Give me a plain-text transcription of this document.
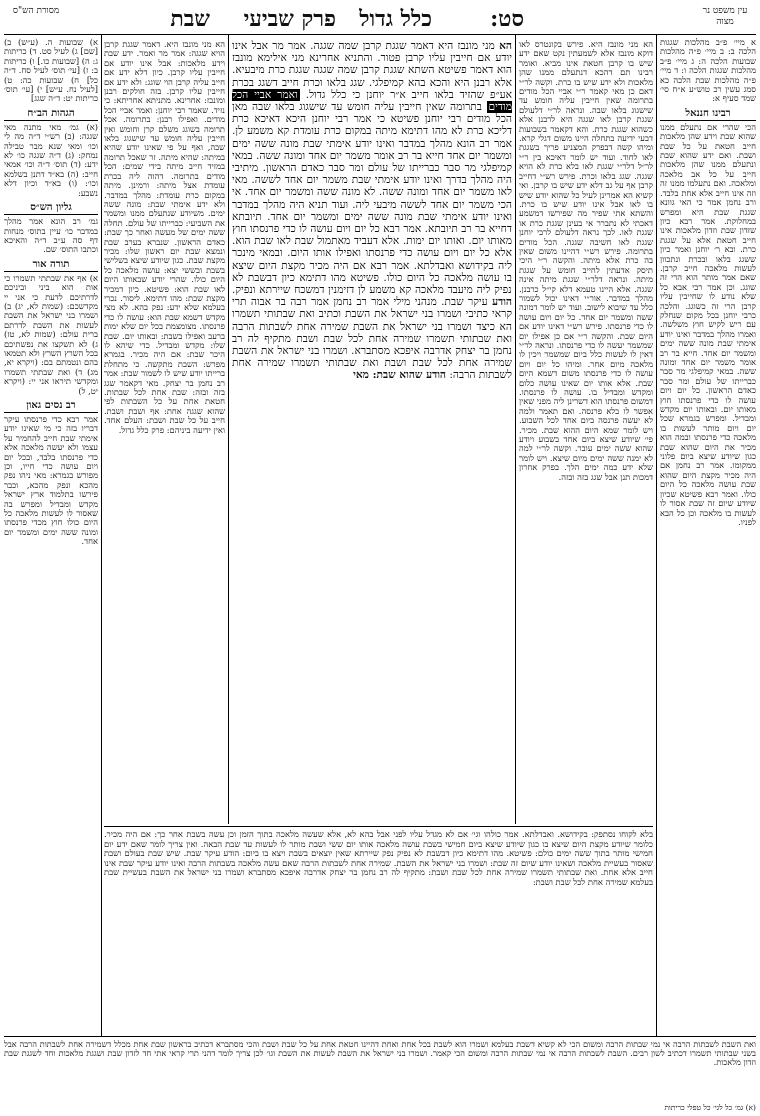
עין משפט נר מצוה
סט:
כלל גדול
פרק שביעי
שבת
מסורת הש"ס

א מיי׳ פ״ב מהלכות שגגות הלכה ב: ב מיי׳ פ״ה מהלכות שבועות הלכה ה: ג מיי׳ פ״ב מהלכות שגגות הלכה ו: ד מיי׳ פ״ה מהלכות שבת הלכה כא סמג עשין רכ טוש״ע א״ח סי׳ שמד סעיף א:

רבינו חננאל

הכי שהרי אם נתעלם ממנו שהוא שבת וידע שהן מלאכות חייב חטאת על כל שבת ושבת. ואם ידע שהוא שבת ונתעלם ממנו שהן מלאכות חייב על כל אב מלאכה ומלאכה. ואם נתעלמו ממנו זה וזה אינו חייב אלא אחת בלבד. ורב נחמן אמר כי האי גוונא שגגת שבת היא ומפרש במחלוקת. אמר רבא כיון שזדון שבת וזדון מלאכות אינו חייב חטאת אלא על שגגת כרת. ובא ר׳ יוחנן ואמר כיון ששגג בלאו ובכרת ונתכוון לעשות מלאכה חייב קרבן. שאם אמר מותר הוא הרי זה שוגג. וכן אמר רבי אבא כל שלא נודע לו שחייבין עליו קרבן הרי זה כשוגג. והלכה כרבי יוחנן בכל מקום שנחלק עם ריש לקיש חוץ משלשה. ואמרו מהלך במדבר ואינו יודע אימתי שבת מונה ששה ימים ומשמר יום אחד. חייא בר רב אומר משמר יום אחד ומונה ששה. במאי קמיפלגי מר סבר כברייתו של עולם ומר סבר כאדם הראשון. כל יום ויום עושה לו כדי פרנסתו חוץ מאותו יום. ובאותו יום מקדש ומבדיל. ומפרש בגמרא שכל יום ויום מותר לעשות בו מלאכה כדי פרנסתו ובמה הוא מכיר את היום שהוא שבת כגון שיודע שיצא ביום פלוני ממקומו. אמר רב נחמן אם היה מכיר מקצת היום שהוא שבת עושה מלאכה כל היום כולו. ואמר רבא פשיטא שכיון שיודע שיום זה שבת אסור לו לעשות בו מלאכה וכן כל הבא לפניו.

א) שבועות ה. (ע״ש) ב) [שם] ג) לעיל סט. ד) כריתות ג: ה) [שבועות כו.] ו) כריתות ב: ז) [עי׳ תוס׳ לעיל סח. ד״ה כל] ח) שבועות כה: ט) [לעיל נח. ע״ש] י) [עי׳ תוס׳ כריתות יט: ד״ה שגג]

הגהות הב״ח

(א) גמ׳ מאי מתנה מאי שגגה: (ב) רש״י ד״ה מה לי וכו׳ ומאי שנא מבר טבילה נמחק: (ג) ד״ה שגגה כו׳ לא ידע: (ד) תוס׳ ד״ה וכו׳ אמאי חייב: (ה) בא״ד דתנן בשלמא וכו׳: (ו) בא״ד וכיון דלא נשבע:

גליון הש״ס

גמ׳ רב הונא אמר מהלך במדבר כו׳ עיין בתוס׳ מנחות דף סה ע״ב ד״ה והאיכא וכתבו התוס׳ שם.

תורה אור

א) אף את שבתתי תשמרו כי אות הוא ביני וביניכם לדרתיכם לדעת כי אני יי מקדשכם: (שמות לא, יג) ב) ושמרו בני ישראל את השבת לעשות את השבת לדרתם ברית עולם: (שמות לא, טז) ג) לא תשקצו את נפשתיכם בכל השרץ השרץ ולא תטמאו בהם ונטמתם בם: (ויקרא יא, מג) ד) ואת שבתתי תשמרו ומקדשי תיראו אני יי: (ויקרא יט, ל)

רב נסים גאון

אמר רבא כדי פרנסתו עיקר דבריו בזה כי מי שאינו יודע אימתי שבת חייב להחמיר על עצמו ולא יעשה מלאכה אלא כדי פרנסתו בלבד, ובכל יום ויום עושה כדי חייו, וכן מפורש בגמרא: מאי ניהו נפק מהכא ונפק מהכא, וכבר פירשו בתלמוד ארץ ישראל מקדש ומבדיל ומפרש בה שאסור לו לעשות מלאכה כל היום כולו חוץ מכדי פרנסתו ומונה ששה ימים ומשמר יום אחד.

הא מני מונבז היא. פירש בקונטרס לאו דוקא מונבז אלא לשמעתין נקט שאם ידע שיש בו קרבן חטאת אינו מביא. ואומר רבינו תם דהכא דנתעלם ממנו שהן מלאכות ולא ידע שיש בו כרת. וקשה לר״י דאם כן מאי קאמר ר״י אביי הכל מודים בתרומה שאין חייבין עליה חומש עד שישגוג בלאו שבה. ונראה לר״י דלעולם שגגת קרבן לאו שגגה היא לרבנן אלא כשהוא שגגת כרת. והא דקאמר בשבועות דבעי ידיעה בתחלה היינו משום דגלי קרא. ומיהו קשה דבפרק המצניע פריך בשגגת לאו לחוד. ועוד יש לומר דאיכא בין ר״י לר״ל דלר״י שגגת לאו בלא כרת לא הויא שגגה. שגג בלאו וכרת. פירש רש״י דחייב קרבן אף על גב דלא ידע שיש בו קרבן. ואי קשיא הא אמרינן לעיל כל שהוא יודע שיש בו לאו אבל אינו יודע שיש בו כרת. והשתא אתי שפיר מה שפירשו דמשמע דאכתי לא נתברר אי בעינן שגגת כרת או שגגת לאו. לכך נראה דלעולם לרבי יוחנן שגגת לאו חשיבה שגגה. הכל מודים בתרומה. פירש רש״י דהיינו משום שאין בה כרת אלא מיתה. והקשה ר״י היכי תיסק אדעתין לחייב חומש על שגגת מיתה. ונראה דלר״י שגגת מיתה אינה שגגה. אלא היינו טעמא דלא קי״ל כרבנן. מהלך במדבר. אור״י דאינו יכול לשמור כלל עד שיבוא לישוב. ועוד יש לומר דמונה ששה ומשמר יום אחד. כל יום ויום עושה לו כדי פרנסתו. פירש רש״י דאינו יודע אם היום שבת. והקשה ר״י אם כן אפילו יום שמשמר יעשה לו כדי פרנסתו. ונראה לר״י דאין לו לעשות כלל ביום שמשמר ויכין לו מלאכה מיום אחר. ומיהו כל יום ויום עושה לו כדי פרנסתו משום דשמא היום שבת. אלא אותו יום שאינו עושה כלום ומקדש ומבדיל בו. עושה לו פרנסתו. דמשום פרנסתו הוא דשרינן ליה מפני שאין אפשר לו בלא פרנסה. ואם תאמר ולמה לא יעשה פרנסה ביום אחד לכל השבוע. ויש לומר שמא היום ההוא שבת. מכיר. פי׳ שיודע שיצא ביום אחד בשבוע ויודע שהוא ששה ימים עובר. וקשה לר״י למה לא ימנה ששה ימים מיום שיצא. ויש לומר שלא ידע כמה ימים הלך. בפרק אחרון דמכות תנן אבל שגג בזה ובזה.

הא מני מונבז היא. דאמר שגגת קרבן הויא שגגה: אמר מר ואמר. ידע שבת וידע מלאכות: אבל אינו יודע אם חייבין עליו קרבן. כיון דלא ידע אם חייב עליה קרבן הוי שוגג: ולא ידע אם חייבין עליו קרבן. בזה חולקים רבנן ומונבז: אחרינא. מתניתא אחריתא: כי נזיד. שאמר רבי יוחנן: ואמר אביי הכל מודים. ואפילו רבנן: בתרומה. אכל תרומה בשוגג משלם קרן וחומש ואין חייבין עליה חומש עד שישגוג בלאו שבה, ואף על פי שאינו יודע שהיא במיתה: שהיא מיתה. זר שאכל תרומה במזיד חייב מיתה בידי שמים: הכל מודים בתרומה. דהוה ליה בכרת עומדת אצל מיתה: ורמינן. מיתה במקום כרת עומדת: מהלך במדבר. ולא ידע אימתי שבת: מונה ששה ימים. משיודע שנתעלם ממנו ומשמר את השביעי: כברייתו של עולם. תחלה ששה ימים של מעשה ואחר כך שבת: כאדם הראשון. שנברא בערב שבת ונמצא שבת יום ראשון שלו: מכיר מקצת שבת. כגון שיודע שיצא בשלישי בשבת ובששי יצא: עושה מלאכה כל היום כולו. שהרי יודע שבאותו היום לאו שבת הוא: פשיטא. כיון דמכיר מקצת שבת: מהו דתימא. ליסור. נכרי בעלמא שלא ידע: נפק בהא. לא מצי מקדש דשמא שבת הוא: עושה לו כדי פרנסתו. מצומצמת בכל יום שלא ימות ברעב ואפילו בשבת: ובאותו יום. שבת שלו: מקדש ומבדיל. כדי שיהא לו היכר שבת: אם היה מכיר. בגמרא מפרש: השבת מתקשה. כי מתחלת ברייתו יודע שיש לו לשמור שבת: אמר רב נחמן בר יצחק. מאי דקאמר שגג בזה ובזה: שבת אחת לכל שבתות. חטאת אחת על כל השבתות לפי שהוא שגגה אחת: אף ושבת ושבת. חייב על כל שבת ושבת: העלם אחד. ואין ידיעה ביניהם: פרק כלל גדול.

הא מני מונבז היא דאמר שגגת קרבן שמה שגגה. אמר מר אבל אינו יודע אם חייבין עליו קרבן פטור. והתניא אחרינא מני אילימא מונבז הוא דאמר פשיטא השתא שגגת קרבן שמה שגגה שגגת כרת מיבעיא. אלא רבנן היא והכא בהא קמיפלגי. שגג בלאו וכרת חייב דשגג בכרת אע״פ שהזיד בלאו חייב א״ר יוחנן כי כלל גדול. ואמר אביי הכל מודים בתרומה שאין חייבין עליה חומש עד שישגוג בלאו שבה מאן הכל מודים רבי יוחנן פשיטא כי אמר רבי יוחנן היכא דאיכא כרת דליכא כרת לא מהו דתימא מיתה במקום כרת עומדת קא משמע לן. אמר רב הונא מהלך במדבר ואינו יודע אימתי שבת מונה ששה ימים ומשמר יום אחד חייא בר רב אומר משמר יום אחד ומונה ששה. במאי קמיפלגי מר סבר כברייתו של עולם ומר סבר כאדם הראשון. מיתיבי היה מהלך בדרך ואינו יודע אימתי שבת משמר יום אחד לששה. מאי לאו משמר יום אחד ומונה ששה. לא מונה ששה ומשמר יום אחד. אי הכי משמר יום אחד לששה מיבעי ליה. ועוד תניא היה מהלך במדבר ואינו יודע אימתי שבת מונה ששה ימים ומשמר יום אחד. תיובתא דחייא בר רב תיובתא. אמר רבא כל יום ויום עושה לו כדי פרנסתו חוץ מאותו יום. ואותו יום ימות. אלא דעביד מאתמול שבת לאו שבת הוא. אלא כל יום ויום עושה כדי פרנסתו ואפילו אותו היום. ובמאי מינכר ליה בקידושא ואבדלתא. אמר רבא אם היה מכיר מקצת היום שיצא בו עושה מלאכה כל היום כולו. פשיטא מהו דתימא כיון דבשבת לא נפיק ליה מיעבד מלאכה קא משמע לן דזימנין דמשכח שיירתא ונפיק. הודע עיקר שבת. מנהני מילי אמר רב נחמן אמר רבה בר אבוה תרי קראי כתיבי ושמרו בני ישראל את השבת וכתיב ואת שבתותי תשמרו הא כיצד ושמרו בני ישראל את השבת שמירה אחת לשבתות הרבה ואת שבתותי תשמרו שמירה אחת לכל שבת ושבת מתקיף לה רב נחמן בר יצחק אדרבה איפכא מסתברא. ושמרו בני ישראל את השבת שמירה אחת לכל שבת ושבת ואת שבתותי תשמרו שמירה אחת לשבתות הרבה: הודע שהוא שבת: מאי

בלא לקוחו נסתפק: בקידושא. ואבדלתא. אמר כולהו וגי׳ אם לא מגדל עליו לפני אבל בהא לא, אלא שעשה מלאכה בתוך הזמן וכן עשה בשבת אחר כך: אם היה מכיר. כלומר שיודע מקצת היום שיצא בו כגון שיודע שיצא ביום חמישי בשבת עושה מלאכה אותו יום ששי ושבת מותר לו לעשות עד שבת הבאה. ואין צריך לומר שאם ידע יום חמישי מותר בתוך ששה ימים כולם: פשיטא. מהו דתימא כיון דבשבת לא נפיק נפק שיירתא שאין יוצאים בשבת ויצא בו ביום: הודע עיקר שבת. שיש שבת בעולם ושבת שאסור בעשיית מלאכה ושאינו יודע שיום זה שבת: ושמרו בני ישראל את השבת. שמירה אחת לשבתות הרבה שאם עשה מלאכה בשבתות הרבה ואינו יודע עיקר שבת אינו חייב אלא אחת. ואת שבתותי תשמרו שמירה אחת לכל שבת ושבת: מתקיף לה רב נחמן בר יצחק אדרבה איפכא מסתברא ושמרו בני ישראל את השבת בעשיית שבת בעלמא שמירה אחת לכל שבת ושבת:

ואת השבת לשבתות הרבה אי נמי שבתות הרבה ומשום הכי לא קשיא דשבת בעלמא ושמרו הוא לשבת בכל אחת ואחת דהיינו חטאת אחת על כל שבת ושבת והכי מסתברא דכתיב בראשון שבת אחת מכלל דשמירה אחת לשבתות הרבה אבל בשני שבתותי תשמרו דכתיב לשון רבים. השבת לשבתות הרבה אי נמי שבתות הרבה ומשום הכי קאמר. ושמרו בני ישראל את השבת לעשות את השבת וגו׳ לכן צריך לומר דהני תרי קראי אתי חד לזדון שבת ושגגת מלאכות וחד לשגגת שבת וזדון מלאכות.
(א) גמ׳ כל לגי׳ כל טפלי כריתות
